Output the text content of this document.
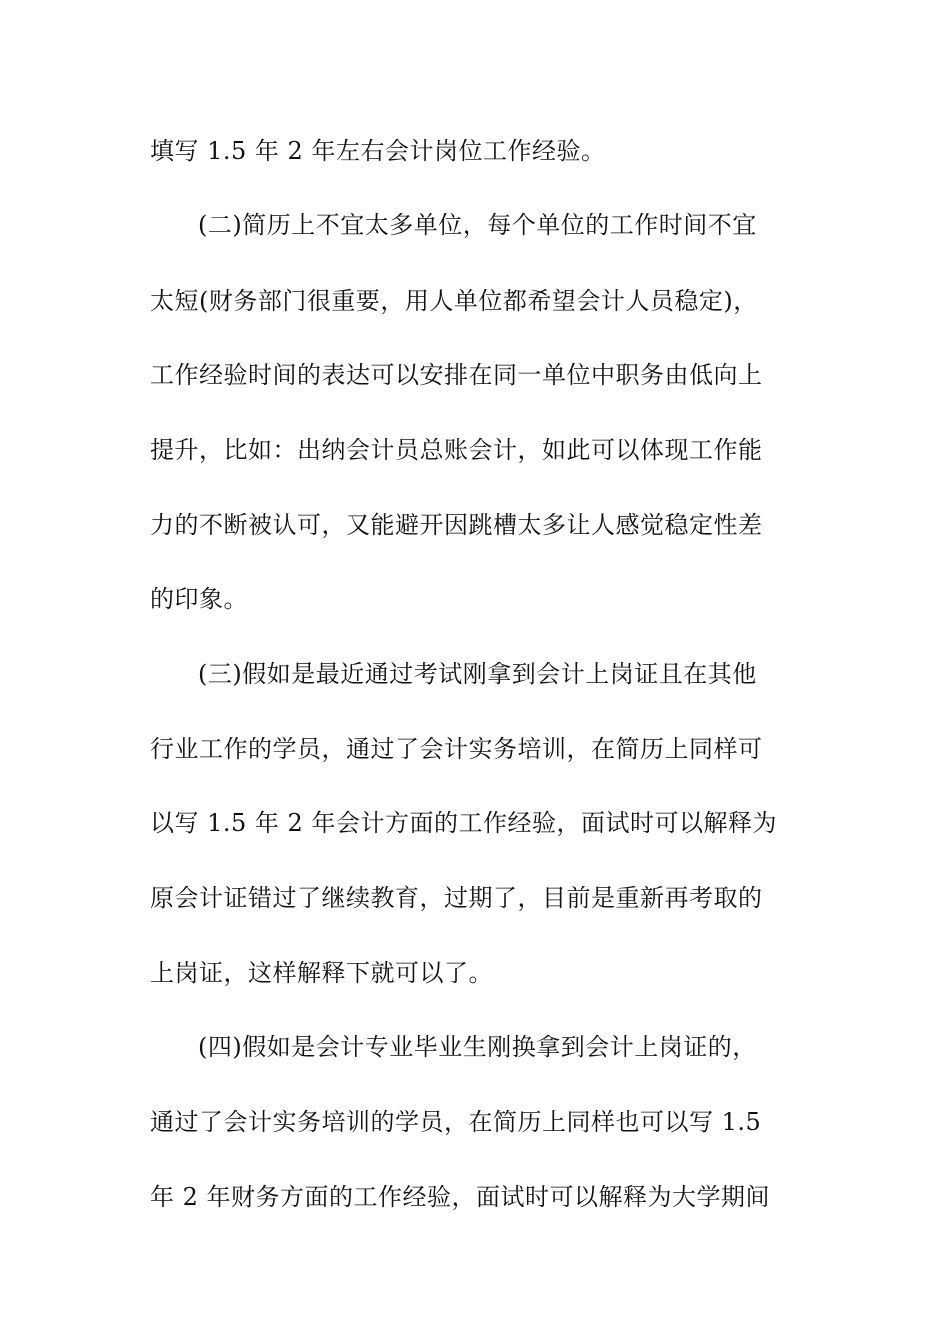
填写 1.5 年 2 年左右会计岗位工作经验。
(二)简历上不宜太多单位，每个单位的工作时间不宜
太短(财务部门很重要，用人单位都希望会计人员稳定)，
工作经验时间的表达可以安排在同一单位中职务由低向上
提升，比如：出纳会计员总账会计，如此可以体现工作能
力的不断被认可，又能避开因跳槽太多让人感觉稳定性差
的印象。
(三)假如是最近通过考试刚拿到会计上岗证且在其他
行业工作的学员，通过了会计实务培训，在简历上同样可
以写 1.5 年 2 年会计方面的工作经验，面试时可以解释为
原会计证错过了继续教育，过期了，目前是重新再考取的
上岗证，这样解释下就可以了。
(四)假如是会计专业毕业生刚换拿到会计上岗证的，
通过了会计实务培训的学员，在简历上同样也可以写 1.5
年 2 年财务方面的工作经验，面试时可以解释为大学期间
